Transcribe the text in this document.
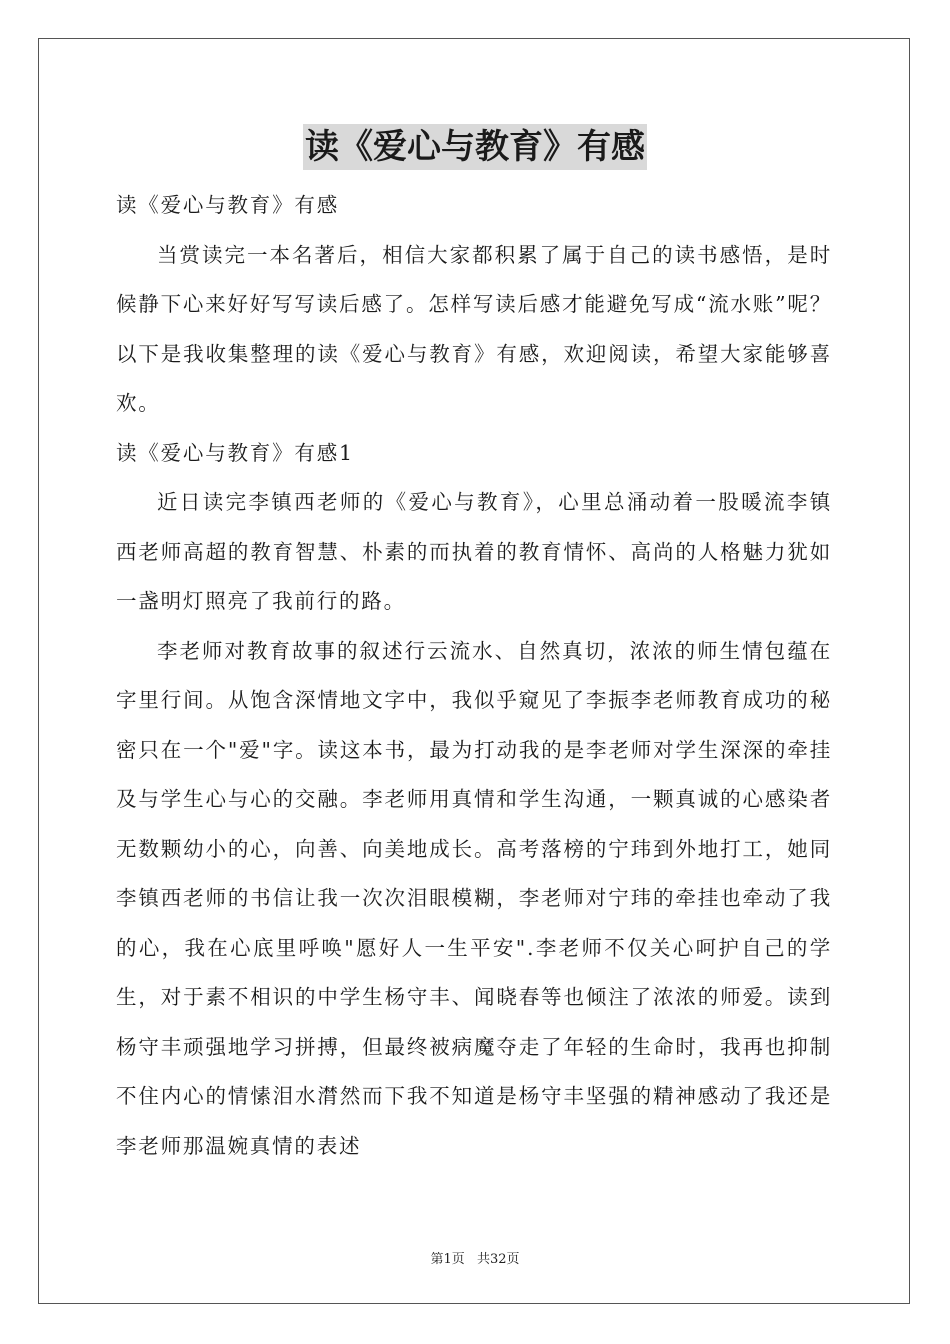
读《爱心与教育》有感

读《爱心与教育》有感

当赏读完一本名著后，相信大家都积累了属于自己的读书感悟，是时候静下心来好好写写读后感了。怎样写读后感才能避免写成“流水账”呢？以下是我收集整理的读《爱心与教育》有感，欢迎阅读，希望大家能够喜欢。

读《爱心与教育》有感1

近日读完李镇西老师的《爱心与教育》，心里总涌动着一股暖流李镇西老师高超的教育智慧、朴素的而执着的教育情怀、高尚的人格魅力犹如一盏明灯照亮了我前行的路。

李老师对教育故事的叙述行云流水、自然真切，浓浓的师生情包蕴在字里行间。从饱含深情地文字中，我似乎窥见了李振李老师教育成功的秘密只在一个"爱"字。读这本书，最为打动我的是李老师对学生深深的牵挂及与学生心与心的交融。李老师用真情和学生沟通，一颗真诚的心感染者无数颗幼小的心，向善、向美地成长。高考落榜的宁玮到外地打工，她同李镇西老师的书信让我一次次泪眼模糊，李老师对宁玮的牵挂也牵动了我的心，我在心底里呼唤"愿好人一生平安".李老师不仅关心呵护自己的学生，对于素不相识的中学生杨守丰、闻晓春等也倾注了浓浓的师爱。读到杨守丰顽强地学习拼搏，但最终被病魔夺走了年轻的生命时，我再也抑制不住内心的情愫泪水潸然而下我不知道是杨守丰坚强的精神感动了我还是李老师那温婉真情的表述

第1页 共32页
